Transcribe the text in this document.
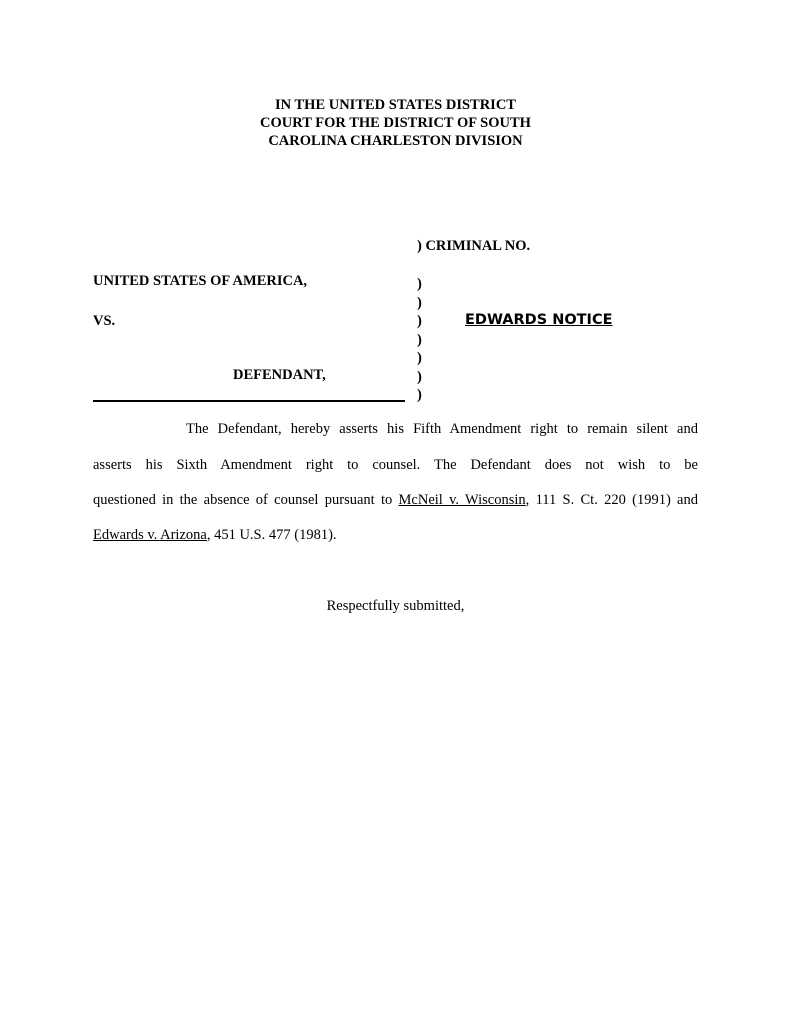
IN THE UNITED STATES DISTRICT
COURT FOR THE DISTRICT OF SOUTH
CAROLINA CHARLESTON DIVISION
) CRIMINAL NO.
UNITED STATES OF AMERICA,
VS.
DEFENDANT,
)
)
)
)
)
)
)
EDWARDS NOTICE
The Defendant, hereby asserts his Fifth Amendment right to remain silent and
asserts his Sixth Amendment right to counsel. The Defendant does not wish to be
questioned in the absence of counsel pursuant to McNeil v. Wisconsin, 111 S. Ct. 220 (1991) and
Edwards v. Arizona, 451 U.S. 477 (1981).
Respectfully submitted,
